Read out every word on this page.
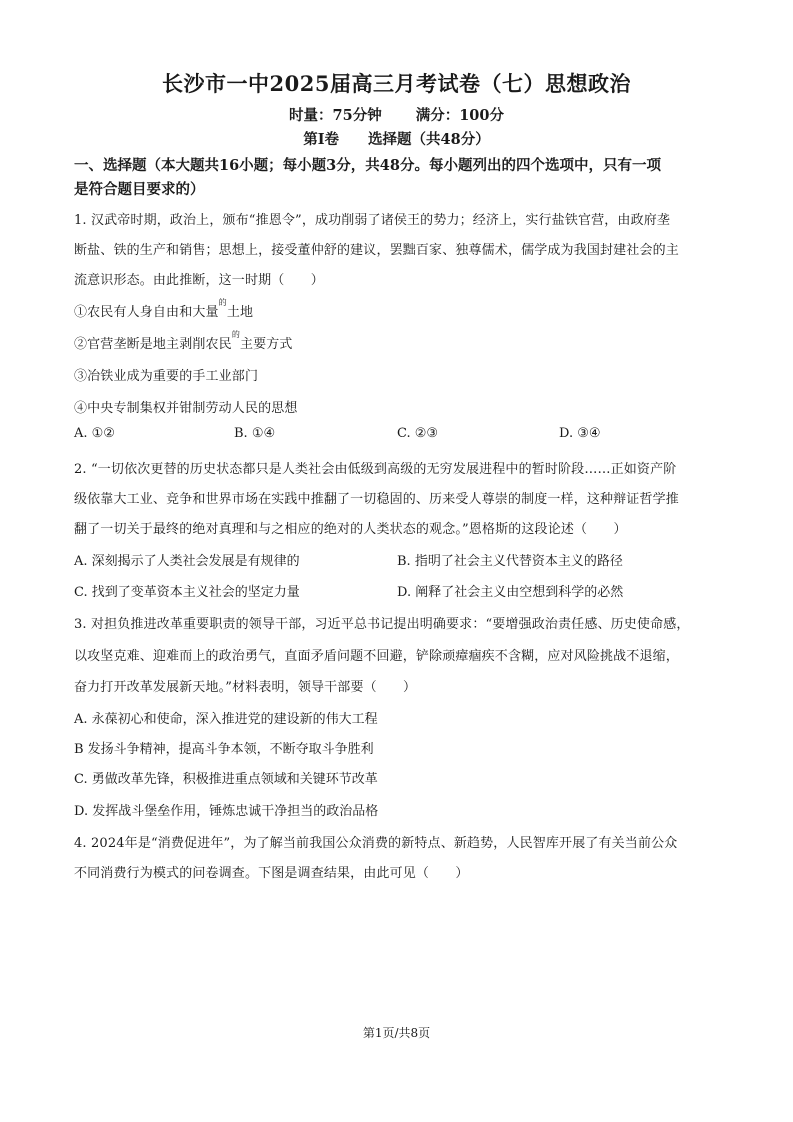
长沙市一中2025届高三月考试卷（七）思想政治
时量：75分钟 满分：100分
第Ⅰ卷　　选择题（共48分）
一、选择题（本大题共16小题；每小题3分，共48分。每小题列出的四个选项中，只有一项
是符合题目要求的）
1. 汉武帝时期，政治上，颁布“推恩令”，成功削弱了诸侯王的势力；经济上，实行盐铁官营，由政府垄
断盐、铁的生产和销售；思想上，接受董仲舒的建议，罢黜百家、独尊儒术，儒学成为我国封建社会的主
流意识形态。由此推断，这一时期（　　）
①农民有人身自由和大量$^的$土地
②官营垄断是地主剥削农民$^的$主要方式
③冶铁业成为重要的手工业部门
④中央专制集权并钳制劳动人民的思想
A. ①②	B. ①④	C. ②③	D. ③④
2. “一切依次更替的历史状态都只是人类社会由低级到高级的无穷发展进程中的暂时阶段……正如资产阶
级依靠大工业、竞争和世界市场在实践中推翻了一切稳固的、历来受人尊崇的制度一样，这种辩证哲学推
翻了一切关于最终的绝对真理和与之相应的绝对的人类状态的观念。”恩格斯的这段论述（　　）
A. 深刻揭示了人类社会发展是有规律的	B. 指明了社会主义代替资本主义的路径
C. 找到了变革资本主义社会的坚定力量	D. 阐释了社会主义由空想到科学的必然
3. 对担负推进改革重要职责的领导干部，习近平总书记提出明确要求：“要增强政治责任感、历史使命感，
以攻坚克难、迎难而上的政治勇气，直面矛盾问题不回避，铲除顽瘴痼疾不含糊，应对风险挑战不退缩，
奋力打开改革发展新天地。”材料表明，领导干部要（　　）
A. 永葆初心和使命，深入推进党的建设新的伟大工程
B 发扬斗争精神，提高斗争本领，不断夺取斗争胜利
C. 勇做改革先锋，积极推进重点领域和关键环节改革
D. 发挥战斗堡垒作用，锤炼忠诚干净担当的政治品格
4. 2024年是“消费促进年”，为了解当前我国公众消费的新特点、新趋势，人民智库开展了有关当前公众
不同消费行为模式的问卷调查。下图是调查结果，由此可见（　　）
第1页/共8页
